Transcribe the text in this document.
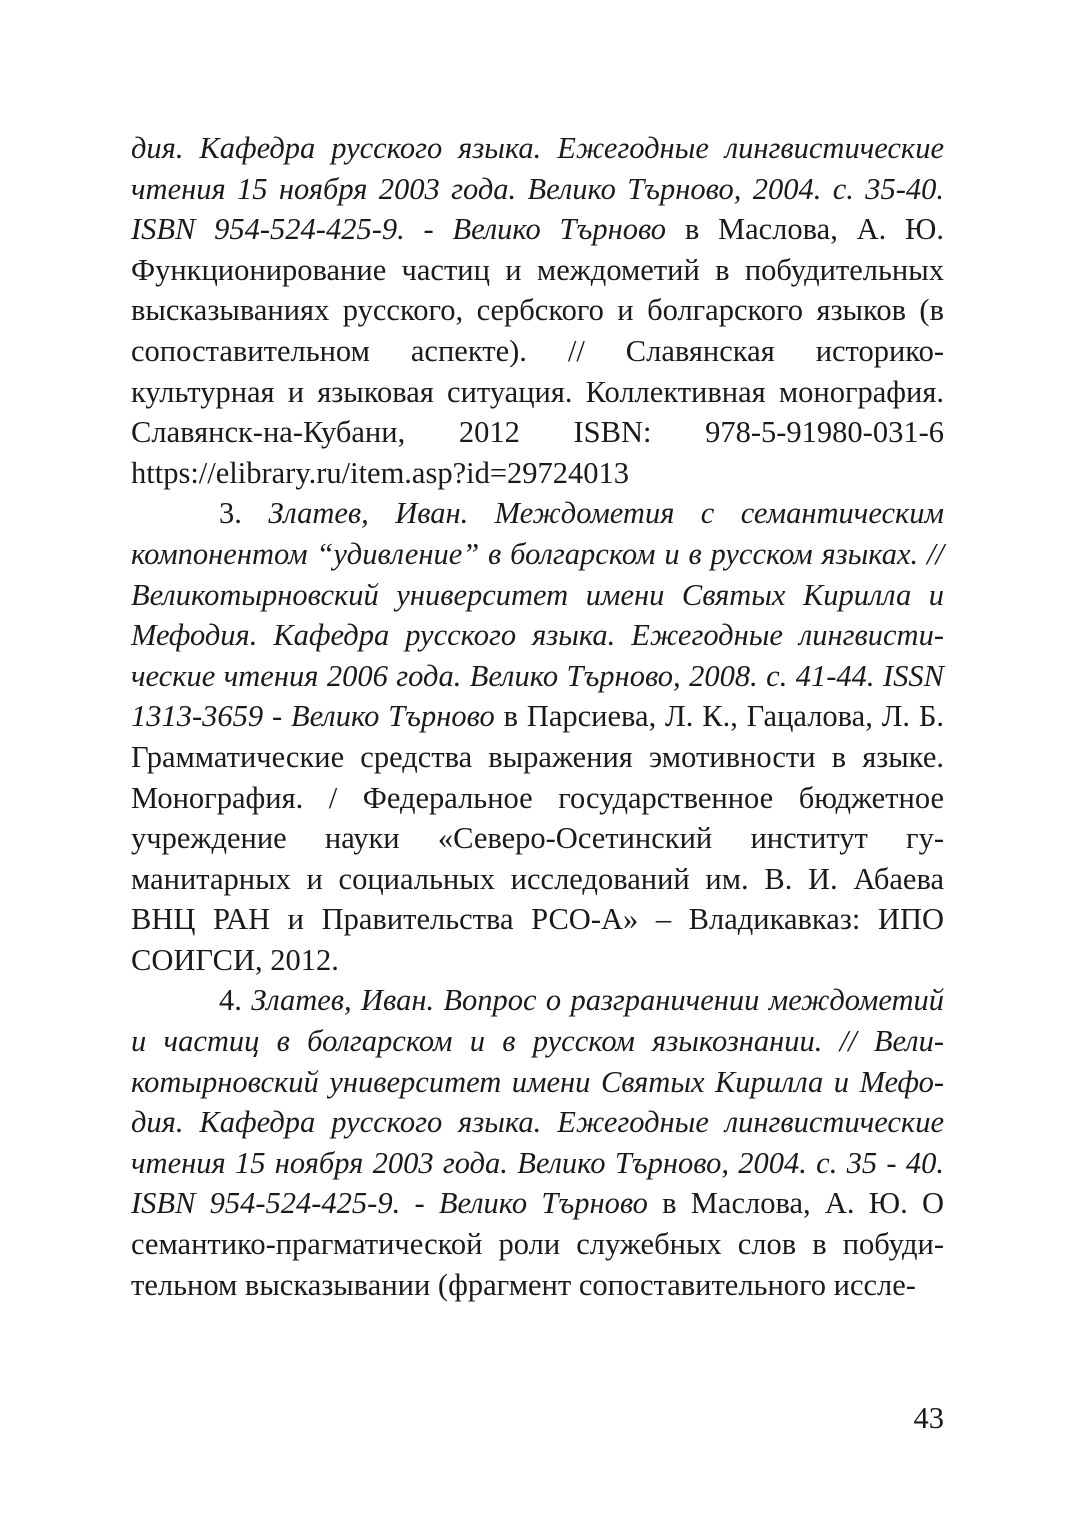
дия. Кафедра русского языка. Ежегодные лингвистические чтения 15 ноября 2003 года. Велико Търново, 2004. с. 35-40. ISBN 954-524-425-9. - Велико Търново в Маслова, А. Ю. Функционирование частиц и междометий в побудительных высказываниях русского, сербского и болгарского языков (в сопоставительном аспекте). // Славянская историко-культурная и языковая ситуация. Коллективная монография. Славянск-на-Кубани, 2012 ISBN: 978-5-91980-031-6 https://elibrary.ru/item.asp?id=29724013

3. Златев, Иван. Междометия с семантическим компонентом “удивление” в болгарском и в русском языках. // Великотырновский университет имени Святых Кирилла и Мефодия. Кафедра русского языка. Ежегодные лингвистические чтения 2006 года. Велико Търново, 2008. с. 41-44. ISSN 1313-3659 - Велико Търново в Парсиева, Л. К., Гацалова, Л. Б. Грамматические средства выражения эмотивности в языке. Монография. / Федеральное государственное бюджетное учреждение науки «Северо-Осетинский институт гуманитарных и социальных исследований им. В. И. Абаева ВНЦ РАН и Правительства РСО-А» – Владикавказ: ИПО СОИГСИ, 2012.

4. Златев, Иван. Вопрос о разграничении междометий и частиц в болгарском и в русском языкознании. // Великотырновский университет имени Святых Кирилла и Мефодия. Кафедра русского языка. Ежегодные лингвистические чтения 15 ноября 2003 года. Велико Търново, 2004. с. 35 - 40. ISBN 954-524-425-9. - Велико Търново в Маслова, А. Ю. О семантико-прагматической роли служебных слов в побудительном высказывании (фрагмент сопоставительного иссле-

43
